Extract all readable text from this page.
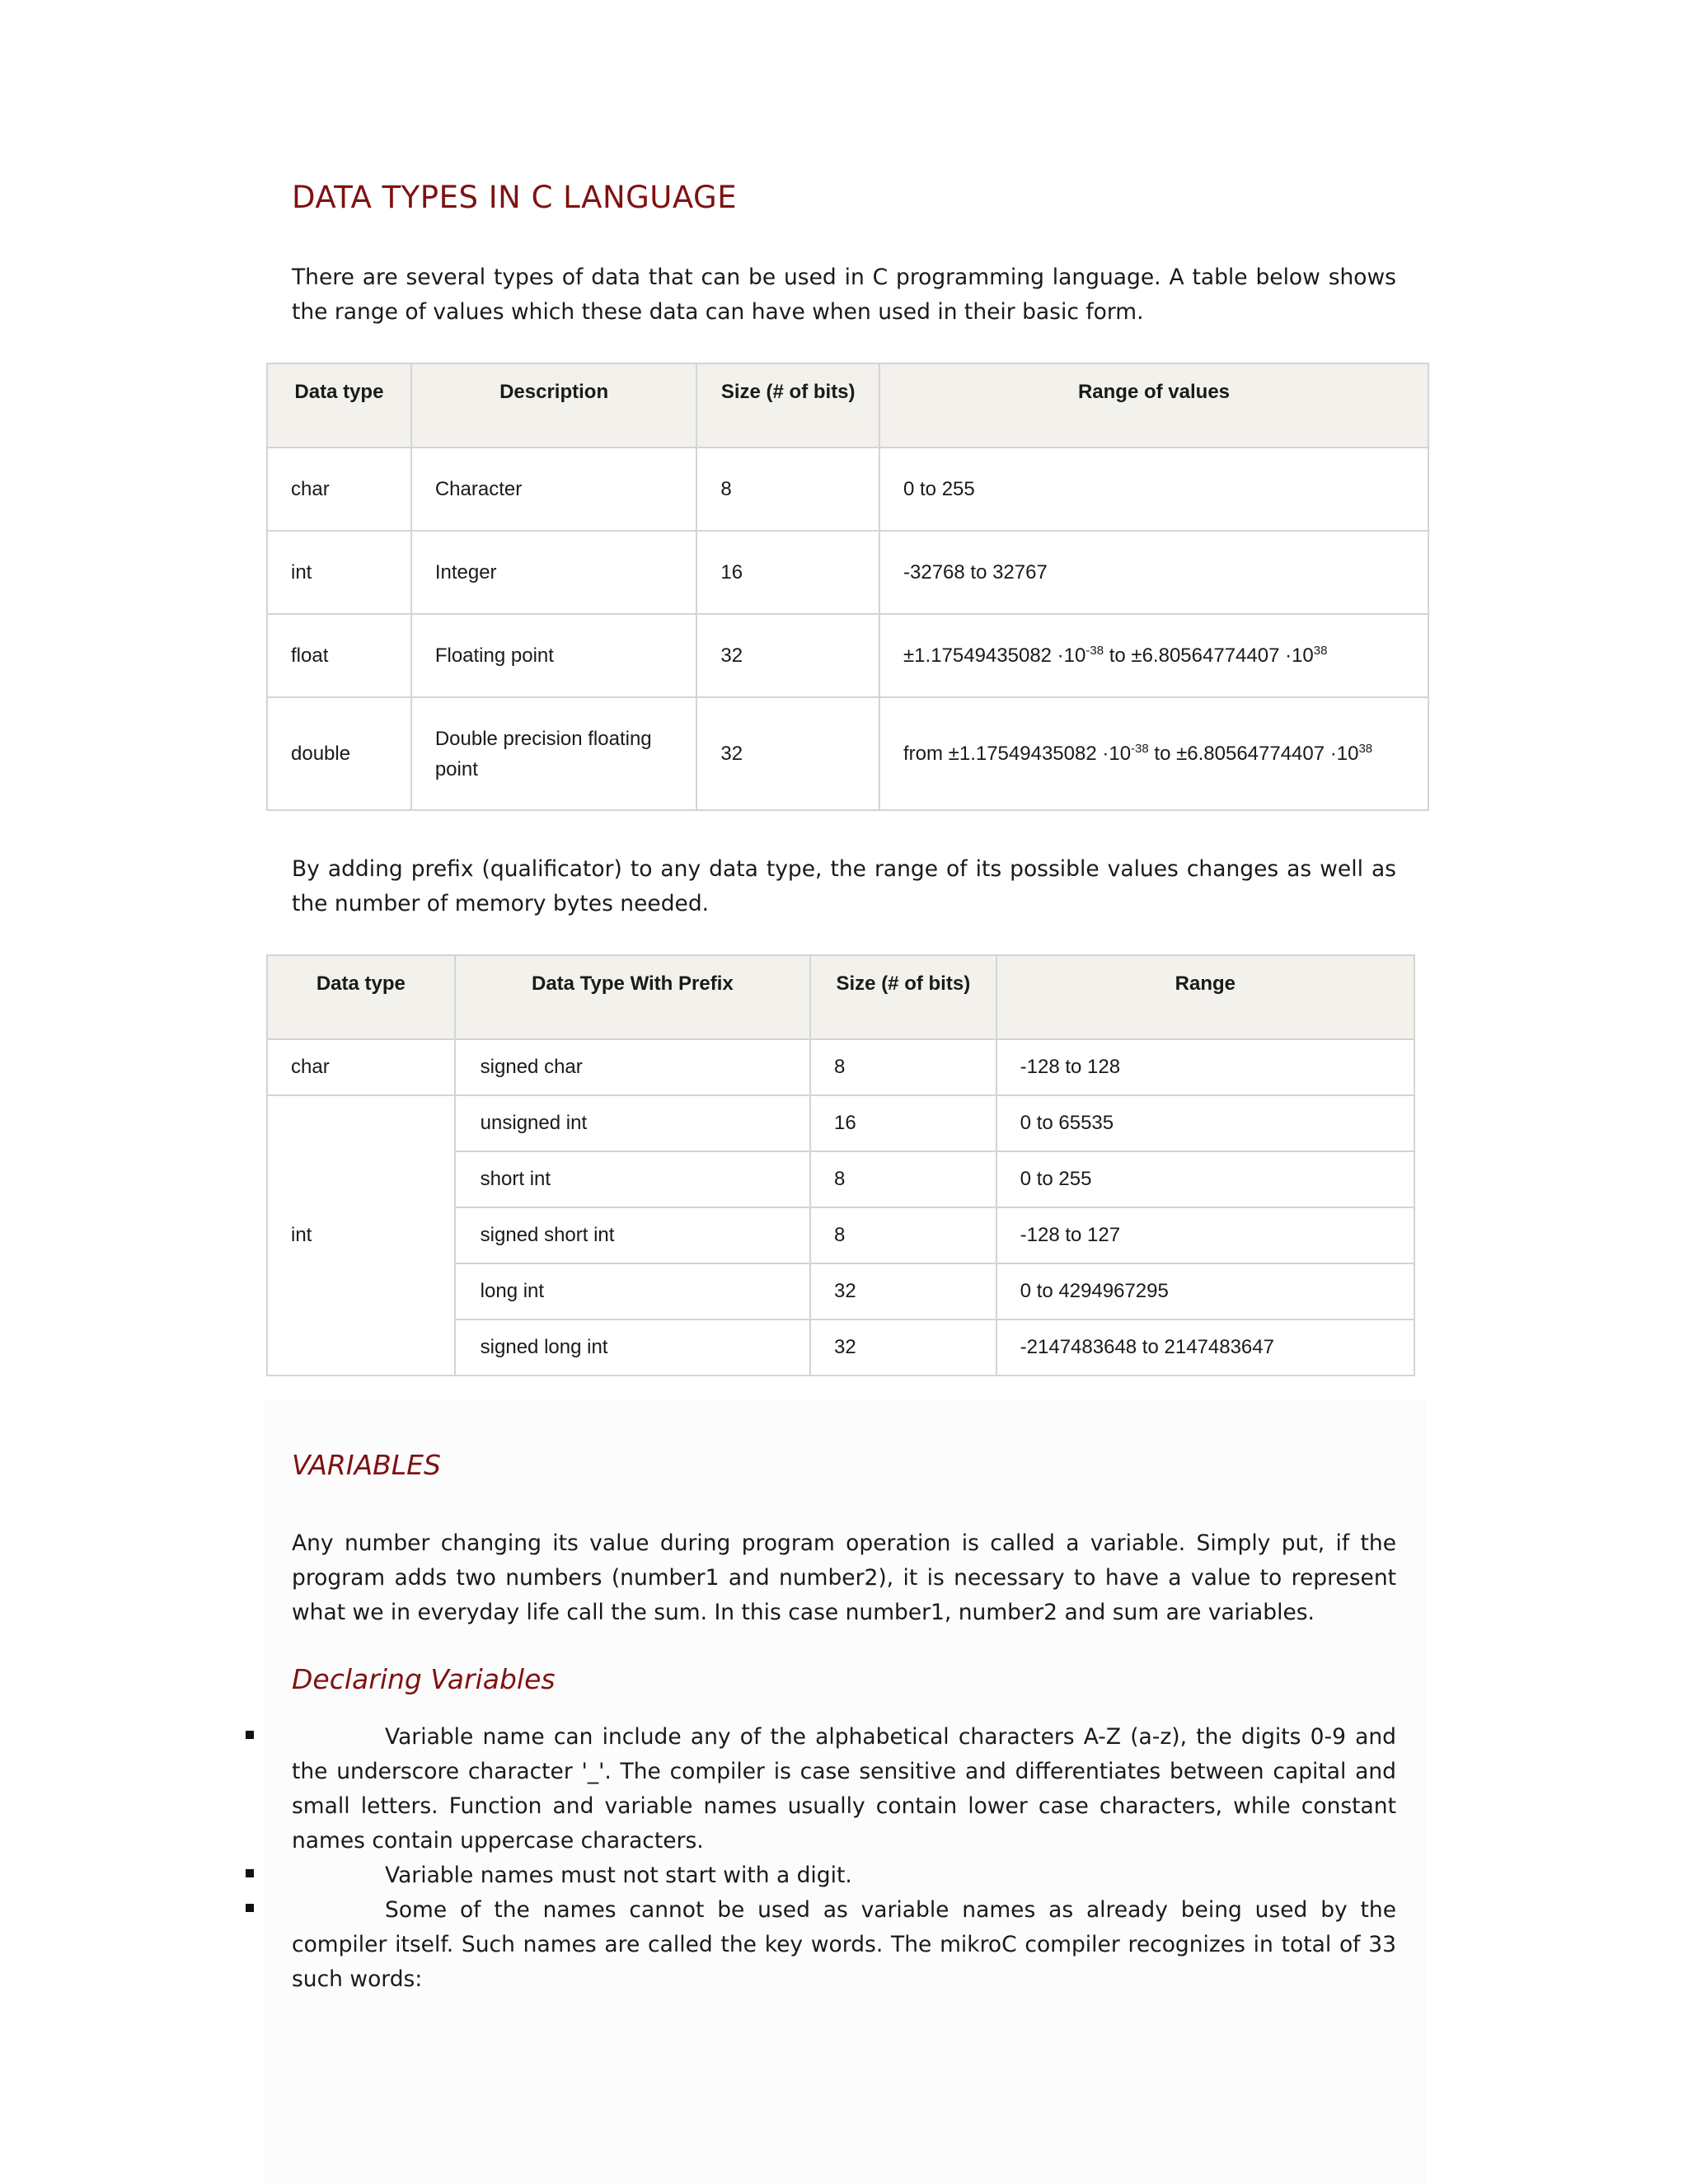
DATA TYPES IN C LANGUAGE

There are several types of data that can be used in C programming language. A table below shows the range of values which these data can have when used in their basic form.

Data type	Description	Size (# of bits)	Range of values

char	Character	8	0 to 255
int	Integer	16	-32768 to 32767
float	Floating point	32	$\pm 1.17549435082 \cdot 10^{-38}$ to $\pm 6.80564774407 \cdot 10^{38}$
double	Double precision floating point	32	from $\pm 1.17549435082 \cdot 10^{-38}$ to $\pm 6.80564774407 \cdot 10^{38}$

By adding prefix (qualificator) to any data type, the range of its possible values changes as well as the number of memory bytes needed.

Data type	Data Type With Prefix	Size (# of bits)	Range

char	signed char	8	-128 to 128
int	unsigned int	16	0 to 65535
	short int	8	0 to 255
	signed short int	8	-128 to 127
	long int	32	0 to 4294967295
	signed long int	32	-2147483648 to 2147483647
VARIABLES

Any number changing its value during program operation is called a variable. Simply put, if the program adds two numbers (number1 and number2), it is necessary to have a value to represent what we in everyday life call the sum. In this case number1, number2 and sum are variables.

Declaring Variables

Variable name can include any of the alphabetical characters A-Z (a-z), the digits 0-9 and the underscore character '_'. The compiler is case sensitive and differentiates between capital and small letters. Function and variable names usually contain lower case characters, while constant names contain uppercase characters.

Variable names must not start with a digit.

Some of the names cannot be used as variable names as already being used by the compiler itself. Such names are called the key words. The mikroC compiler recognizes in total of 33 such words:
